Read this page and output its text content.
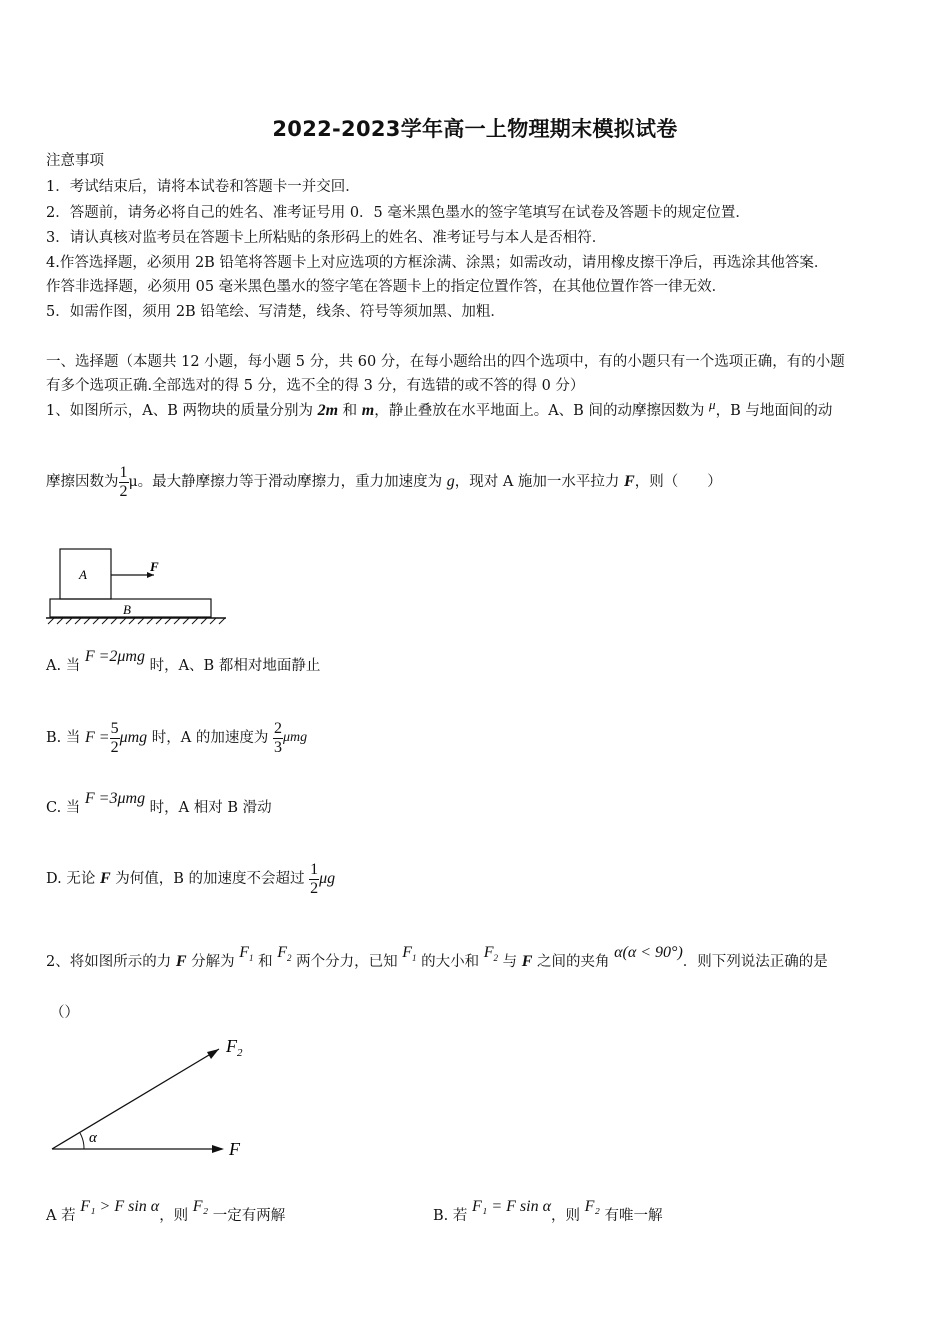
2022-2023学年高一上物理期末模拟试卷
注意事项
1．考试结束后，请将本试卷和答题卡一并交回．
2．答题前，请务必将自己的姓名、准考证号用 0．5 毫米黑色墨水的签字笔填写在试卷及答题卡的规定位置．
3．请认真核对监考员在答题卡上所粘贴的条形码上的姓名、准考证号与本人是否相符．
4.作答选择题，必须用 2B 铅笔将答题卡上对应选项的方框涂满、涂黑；如需改动，请用橡皮擦干净后，再选涂其他答案．
作答非选择题，必须用 05 毫米黑色墨水的签字笔在答题卡上的指定位置作答，在其他位置作答一律无效．
5．如需作图，须用 2B 铅笔绘、写清楚，线条、符号等须加黑、加粗．
一、选择题（本题共 12 小题，每小题 5 分，共 60 分，在每小题给出的四个选项中，有的小题只有一个选项正确，有的小题
有多个选项正确.全部选对的得 5 分，选不全的得 3 分，有选错的或不答的得 0 分）
1、如图所示，A、B 两物块的质量分别为 2m 和 m，静止叠放在水平地面上。A、B 间的动摩擦因数为 μ，B 与地面间的动
摩擦因数为 $\frac{1}{2}$ μ。最大静摩擦力等于滑动摩擦力，重力加速度为 g，现对 A 施加一水平拉力 F，则（　　）
A
F
B
A. 当 F =2μmg 时，A、B 都相对地面静止
B. 当 $F = \frac{5}{2}$ μmg 时，A 的加速度为 $\frac{2}{3}$ μmg
C. 当 F =3μmg 时，A 相对 B 滑动
D. 无论 F 为何值，B 的加速度不会超过 $\frac{1}{2}$ μg
2、将如图所示的力 F 分解为 $F_1$ 和 $F_2$ 两个分力，已知 $F_1$ 的大小和 $F_2$ 与 F 之间的夹角 α(α < 90°)．则下列说法正确的是
（）
α
$F_2$
F
A 若 F₁ > F sin α，则 F₂ 一定有两解	B. 若 F₁ = F sin α，则 F₂ 有唯一解
